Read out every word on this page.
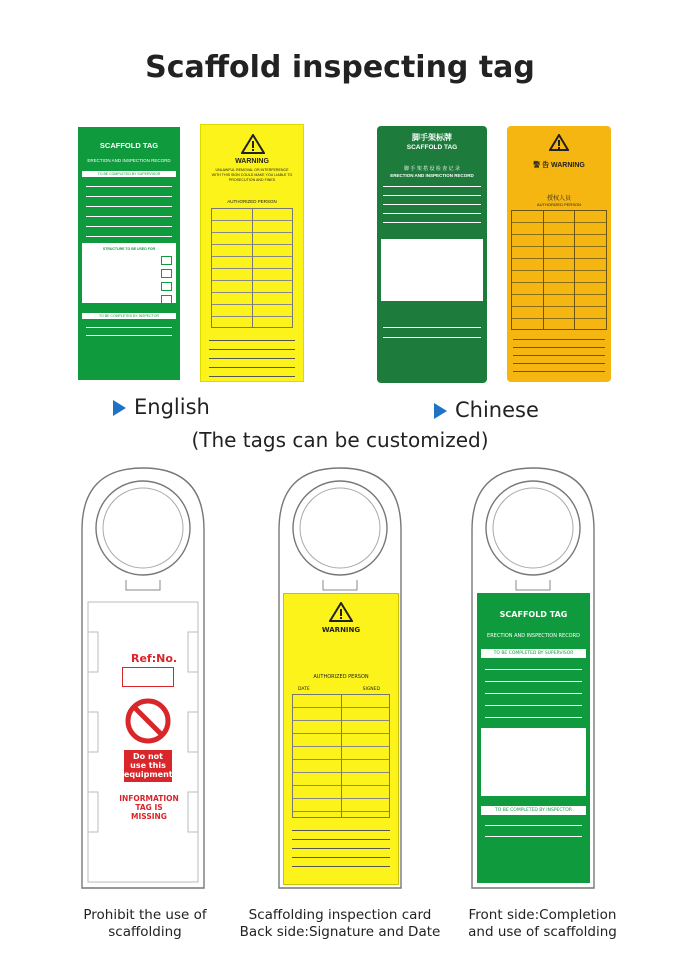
Scaffold inspecting tag
SCAFFOLD TAG
ERECTION AND INSPECTION RECORD
TO BE COMPLETED BY SUPERVISOR
STRUCTURE TO BE USED FOR
TO BE COMPLETED BY INSPECTOR
WARNING
UNLAWFUL REMOVAL OR INTERFERENCE WITH THIS SIGN COULD MAKE YOU LIABLE TO PROSECUTION AND FINES
AUTHORIZED PERSON
脚手架标牌
SCAFFOLD TAG
脚 手 架 搭 设 检 查 记 录
ERECTION AND INSPECTION RECORD
警 告 WARNING
授权人员
AUTHORIZED PERSON
English	Chinese
(The tags can be customized)
Ref:No.
Do not use this equipment
INFORMATION TAG IS MISSING
WARNING
AUTHORIZED PERSON
DATE	SIGNED
SCAFFOLD TAG
ERECTION AND INSPECTION RECORD
TO BE COMPLETED BY SUPERVISOR
TO BE COMPLETED BY INSPECTOR
Prohibit the use of
scaffolding
Scaffolding inspection card
Back side:Signature and Date
Front side:Completion
and use of scaffolding
